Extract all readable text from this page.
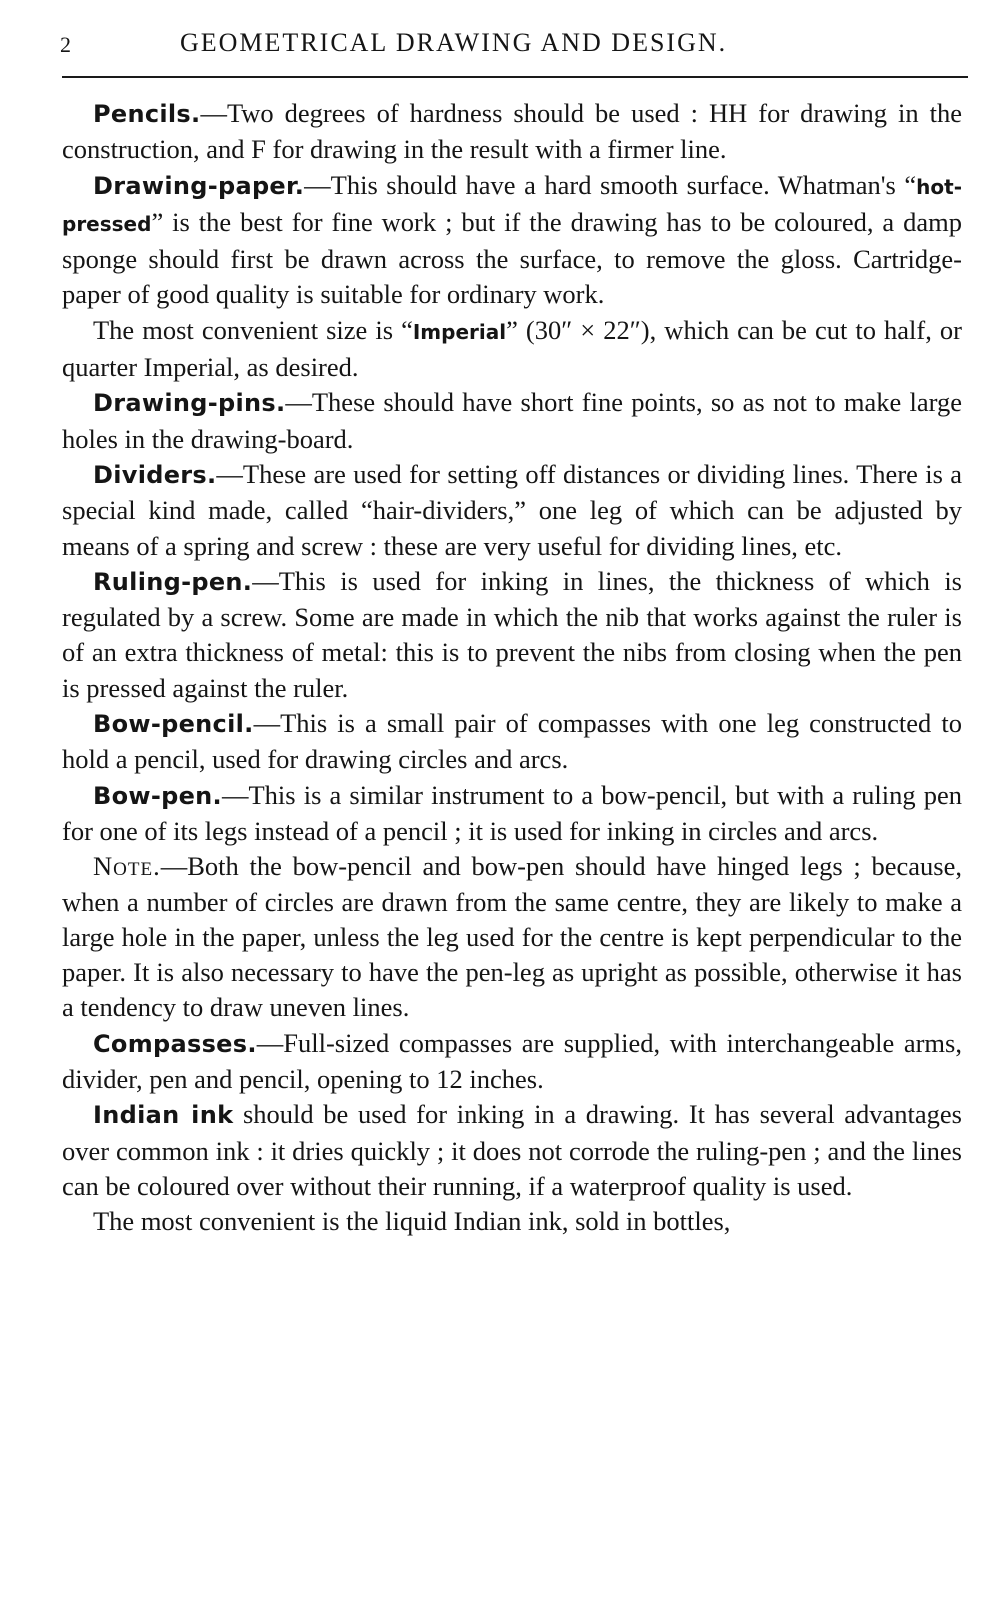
2	GEOMETRICAL DRAWING AND DESIGN.

Pencils.—Two degrees of hardness should be used : HH for drawing in the construction, and F for drawing in the result with a firmer line.

Drawing-paper.—This should have a hard smooth surface. Whatman's “hot-pressed” is the best for fine work ; but if the drawing has to be coloured, a damp sponge should first be drawn across the surface, to remove the gloss. Cartridge-paper of good quality is suitable for ordinary work.

The most convenient size is “Imperial” (30″ × 22″), which can be cut to half, or quarter Imperial, as desired.

Drawing-pins.—These should have short fine points, so as not to make large holes in the drawing-board.

Dividers.—These are used for setting off distances or dividing lines. There is a special kind made, called “hair-dividers,” one leg of which can be adjusted by means of a spring and screw : these are very useful for dividing lines, etc.

Ruling-pen.—This is used for inking in lines, the thickness of which is regulated by a screw. Some are made in which the nib that works against the ruler is of an extra thickness of metal: this is to prevent the nibs from closing when the pen is pressed against the ruler.

Bow-pencil.—This is a small pair of compasses with one leg constructed to hold a pencil, used for drawing circles and arcs.

Bow-pen.—This is a similar instrument to a bow-pencil, but with a ruling pen for one of its legs instead of a pencil ; it is used for inking in circles and arcs.

Note.—Both the bow-pencil and bow-pen should have hinged legs ; because, when a number of circles are drawn from the same centre, they are likely to make a large hole in the paper, unless the leg used for the centre is kept perpendicular to the paper. It is also necessary to have the pen-leg as upright as possible, otherwise it has a tendency to draw uneven lines.

Compasses.—Full-sized compasses are supplied, with interchangeable arms, divider, pen and pencil, opening to 12 inches.

Indian ink should be used for inking in a drawing. It has several advantages over common ink : it dries quickly ; it does not corrode the ruling-pen ; and the lines can be coloured over without their running, if a waterproof quality is used.

The most convenient is the liquid Indian ink, sold in bottles,
